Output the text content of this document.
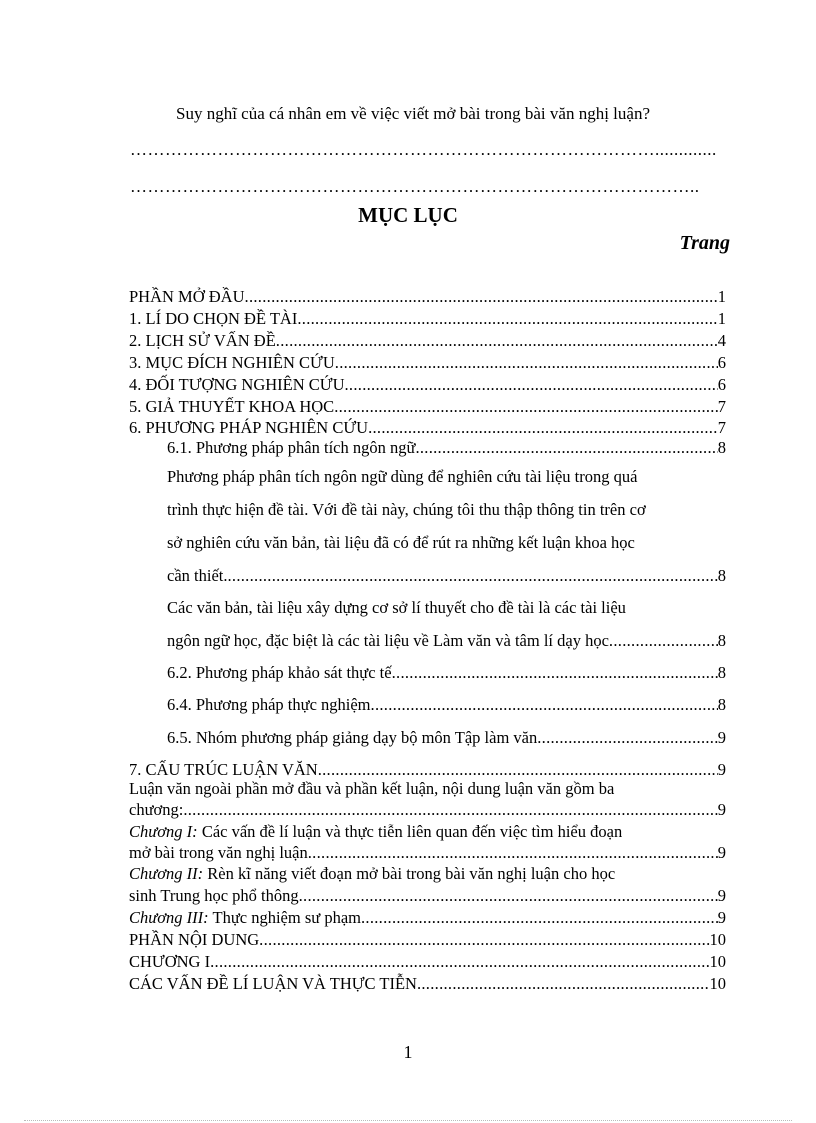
Suy nghĩ của cá nhân em về việc viết mở bài trong bài văn nghị luận?
……………………………………………………………………………….............
……………………………………………………………………………………..
MỤC LỤC
Trang
PHẦN MỞ ĐẦU .....	1
1. LÍ DO CHỌN ĐỀ TÀI .....	1
2. LỊCH SỬ VẤN ĐỀ .....	4
3. MỤC ĐÍCH NGHIÊN CỨU .....	6
4. ĐỐI TƯỢNG NGHIÊN CỨU .....	6
5. GIẢ THUYẾT KHOA HỌC .....	7
6. PHƯƠNG PHÁP NGHIÊN CỨU .....	7
6.1. Phương pháp phân tích ngôn ngữ .....	8
Phương pháp phân tích ngôn ngữ dùng để nghiên cứu tài liệu trong quá
trình thực hiện đề tài. Với đề tài này, chúng tôi thu thập thông tin trên cơ
sở nghiên cứu văn bản, tài liệu đã có để rút ra những kết luận khoa học
cần thiết. .....	8
Các văn bản, tài liệu xây dựng cơ sở lí thuyết cho đề tài là các tài liệu
ngôn ngữ học, đặc biệt là các tài liệu về Làm văn và tâm lí dạy học .....	8
6.2. Phương pháp khảo sát thực tế .....	8
6.4. Phương pháp thực nghiệm .....	8
6.5. Nhóm phương pháp giảng dạy bộ môn Tập làm văn .....	9
7. CẤU TRÚC LUẬN VĂN .....	9
Luận văn ngoài phần mở đầu và phần kết luận, nội dung luận văn gồm ba
chương: .....	9
Chương I: Các vấn đề lí luận và thực tiễn liên quan đến việc tìm hiểu đoạn
mở bài trong văn nghị luận .....	9
Chương II: Rèn kĩ năng viết đoạn mở bài trong bài văn nghị luận cho học
sinh Trung học phổ thông .....	9
Chương III: Thực nghiệm sư phạm .....	9
PHẦN NỘI DUNG .....	10
CHƯƠNG I .....	10
CÁC VẤN ĐỀ LÍ LUẬN VÀ THỰC TIỄN .....	10
1
